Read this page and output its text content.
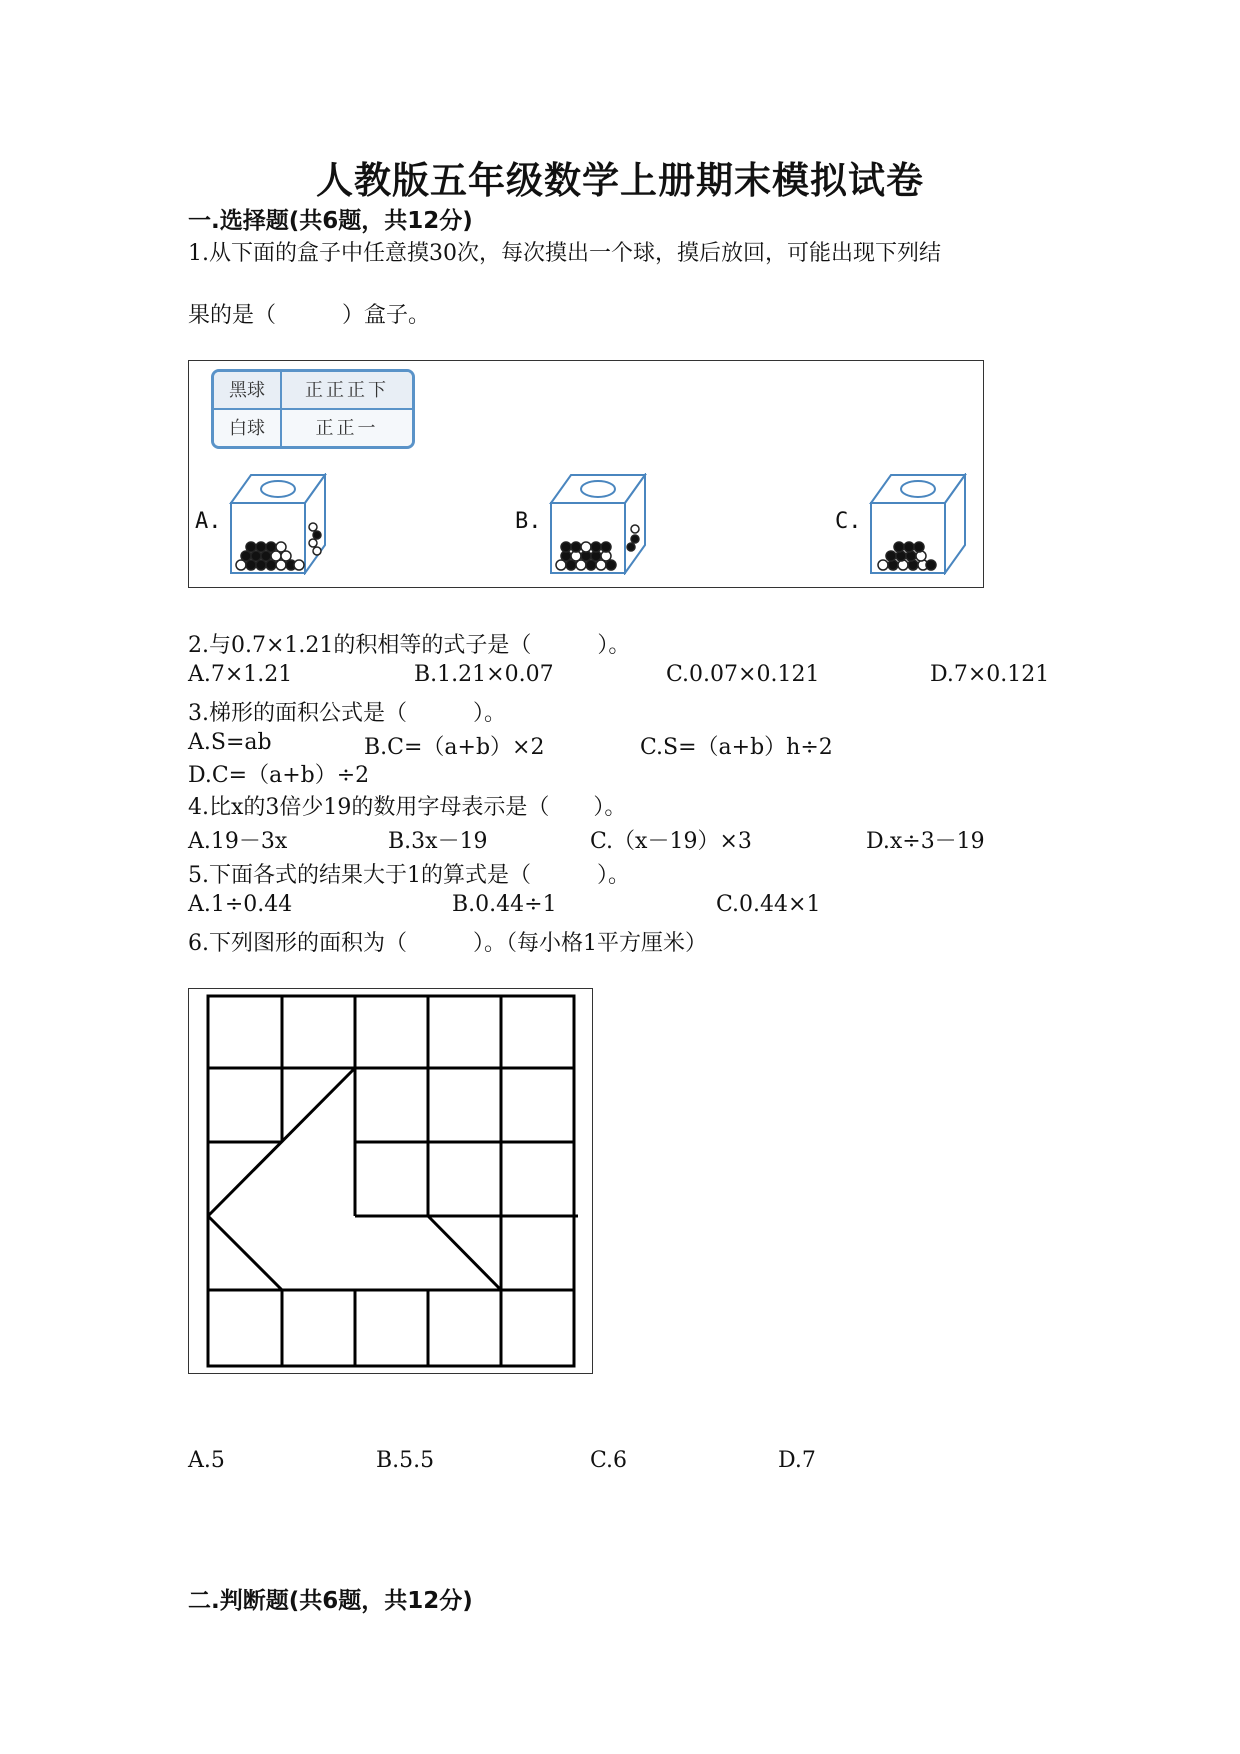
人教版五年级数学上册期末模拟试卷
一.选择题(共6题，共12分)
1.从下面的盒子中任意摸30次，每次摸出一个球，摸后放回，可能出现下列结
果的是（　　　）盒子。
黑球	正正正下
白球	正正一
A.	B.	C.
2.与0.7×1.21的积相等的式子是（　　　）。
A.7×1.21	B.1.21×0.07	C.0.07×0.121	D.7×0.121
3.梯形的面积公式是（　　　）。
A.S=ab	B.C=（a+b）×2	C.S=（a+b）h÷2
D.C=（a+b）÷2
4.比x的3倍少19的数用字母表示是（　　）。
A.19－3x	B.3x－19	C.（x－19）×3	D.x÷3－19
5.下面各式的结果大于1的算式是（　　　）。
A.1÷0.44	B.0.44÷1	C.0.44×1
6.下列图形的面积为（　　　）。（每小格1平方厘米）
A.5	B.5.5	C.6	D.7
二.判断题(共6题，共12分)
